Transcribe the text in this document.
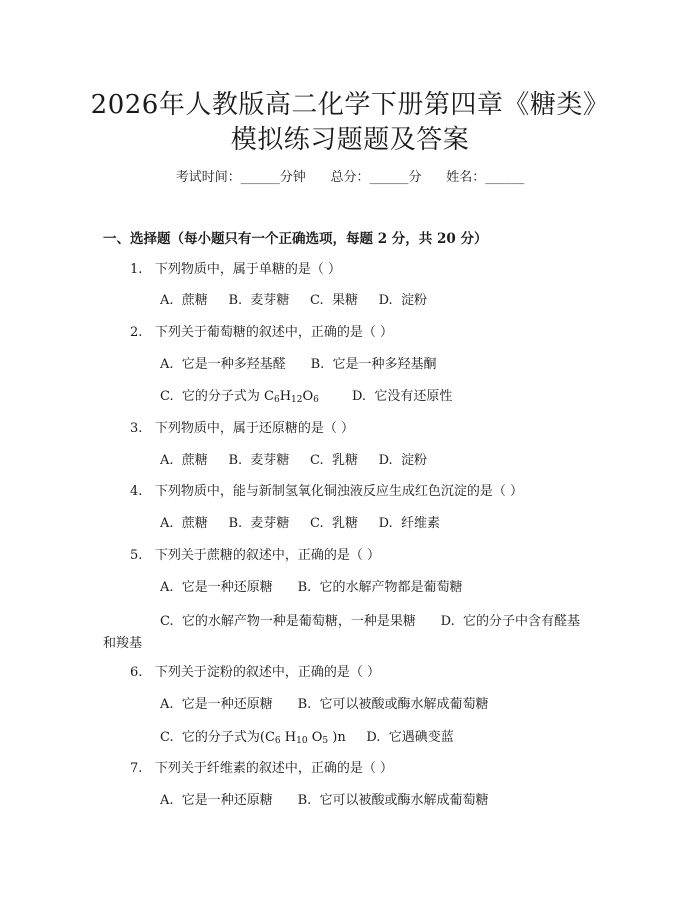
2026年人教版高二化学下册第四章《糖类》
模拟练习题题及答案
考试时间：______分钟      总分：______分      姓名：______
一、选择题（每小题只有一个正确选项，每题 2 分，共 20 分）
1. 下列物质中，属于单糖的是（ ）
A.  蔗糖     B.  麦芽糖     C.  果糖     D.  淀粉
2. 下列关于葡萄糖的叙述中，正确的是（ ）
A.  它是一种多羟基醛      B.  它是一种多羟基酮
C.  它的分子式为 $C_6H_{12}O_6$        D.  它没有还原性
3. 下列物质中，属于还原糖的是（ ）
A.  蔗糖     B.  麦芽糖     C.  乳糖     D.  淀粉
4. 下列物质中，能与新制氢氧化铜浊液反应生成红色沉淀的是（ ）
A.  蔗糖     B.  麦芽糖     C.  乳糖     D.  纤维素
5. 下列关于蔗糖的叙述中，正确的是（ ）
A.  它是一种还原糖      B.  它的水解产物都是葡萄糖
C.  它的水解产物一种是葡萄糖，一种是果糖      D.  它的分子中含有醛基
和羧基
6. 下列关于淀粉的叙述中，正确的是（ ）
A.  它是一种还原糖      B.  它可以被酸或酶水解成葡萄糖
C.  它的分子式为($C_6$ $H_{10}$ $O_5$ )n     D.  它遇碘变蓝
7. 下列关于纤维素的叙述中，正确的是（ ）
A.  它是一种还原糖      B.  它可以被酸或酶水解成葡萄糖
